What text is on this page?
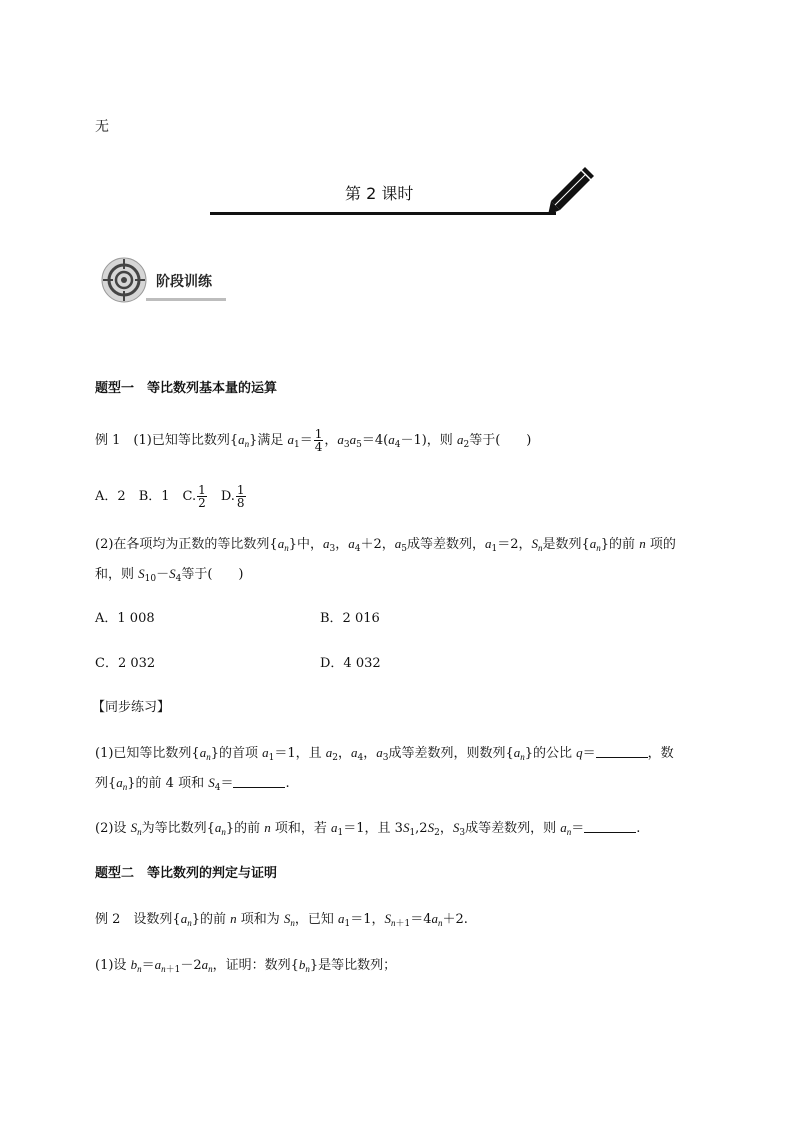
无
第 2 课时
阶段训练
题型一　等比数列基本量的运算
例 1　 (1)已知等比数列$\{a_n\}$满足 $a_1= \frac{1}{4}$ ，$a_3a_5=4(a_4-1)$，则 $a_2$等于(　　)
A．2　 B．1　 C. $\frac{1}{2}$
　 D. $\frac{1}{8}$
(2)在各项均为正数的等比数列$\{a_n\}$中，$a_3$，$a_4+2$，$a_5$成等差数列，$a_1=2$，$S_n$是数列$\{a_n\}$的前 n 项的
和，则 $S_{10}-S_4$等于(　　)
A．1 008	B．2 016
C．2 032	D．4 032
【同步练习】
(1)已知等比数列$\{a_n\}$的首项 $a_1=1$，且 $a_2$，$a_4$，$a_3$成等差数列，则数列$\{a_n\}$的公比 q＝	，数
列$\{a_n\}$的前 4 项和 $S_4=$	.
(2)设 $S_n$为等比数列$\{a_n\}$的前 n 项和，若 $a_1=1$，且 $3S_1,2S_2$，$S_3$成等差数列，则 $a_n=$	.
题型二　等比数列的判定与证明
例 2　设数列$\{a_n\}$的前 n 项和为 $S_n$，已知 $a_1=1$，$S_{n+1}=4a_n+2$.
(1)设 $b_n=a_{n+1}-2a_n$，证明：数列$\{b_n\}$是等比数列；
